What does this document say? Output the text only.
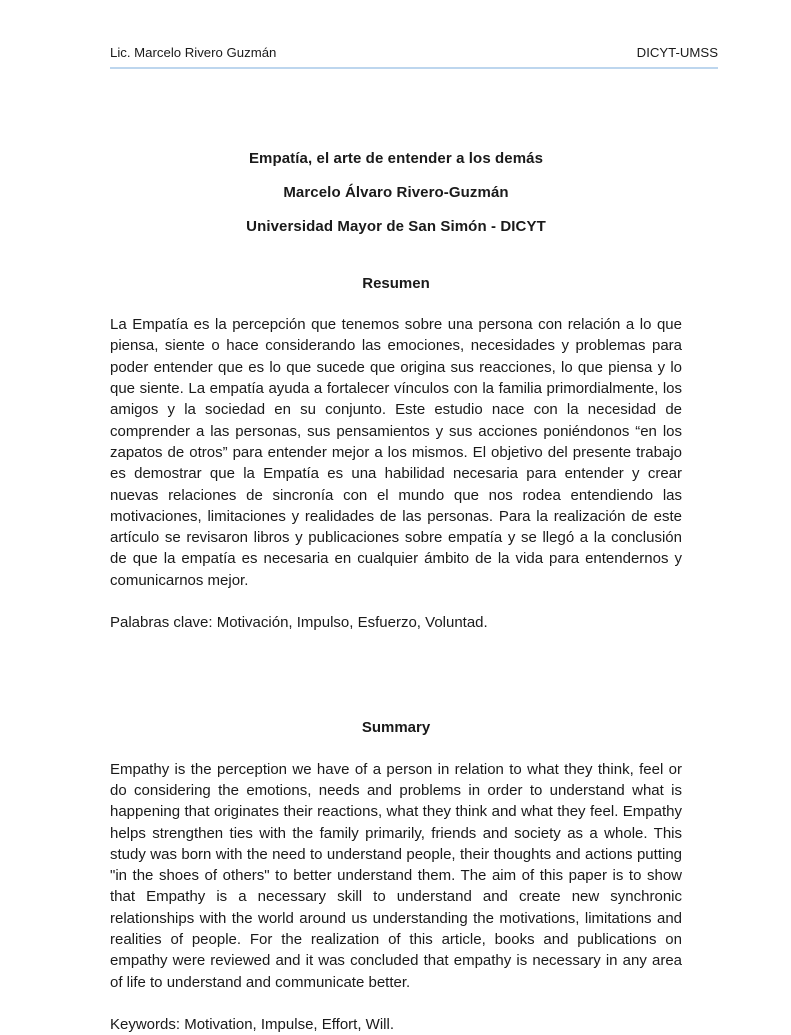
Lic. Marcelo Rivero Guzmán	DICYT-UMSS

Empatía, el arte de entender a los demás

Marcelo Álvaro Rivero-Guzmán

Universidad Mayor de San Simón - DICYT

Resumen

La Empatía es la percepción que tenemos sobre una persona con relación a lo que piensa, siente o hace considerando las emociones, necesidades y problemas para poder entender que es lo que sucede que origina sus reacciones, lo que piensa y lo que siente. La empatía ayuda a fortalecer vínculos con la familia primordialmente, los amigos y la sociedad en su conjunto. Este estudio nace con la necesidad de comprender a las personas, sus pensamientos y sus acciones poniéndonos “en los zapatos de otros” para entender mejor a los mismos. El objetivo del presente trabajo es demostrar que la Empatía es una habilidad necesaria para entender y crear nuevas relaciones de sincronía con el mundo que nos rodea entendiendo las motivaciones, limitaciones y realidades de las personas. Para la realización de este artículo se revisaron libros y publicaciones sobre empatía y se llegó a la conclusión de que la empatía es necesaria en cualquier ámbito de la vida para entendernos y comunicarnos mejor.

Palabras clave: Motivación, Impulso, Esfuerzo, Voluntad.

Summary

Empathy is the perception we have of a person in relation to what they think, feel or do considering the emotions, needs and problems in order to understand what is happening that originates their reactions, what they think and what they feel. Empathy helps strengthen ties with the family primarily, friends and society as a whole. This study was born with the need to understand people, their thoughts and actions putting "in the shoes of others" to better understand them. The aim of this paper is to show that Empathy is a necessary skill to understand and create new synchronic relationships with the world around us understanding the motivations, limitations and realities of people. For the realization of this article, books and publications on empathy were reviewed and it was concluded that empathy is necessary in any area of life to understand and communicate better.

Keywords: Motivation, Impulse, Effort, Will.
